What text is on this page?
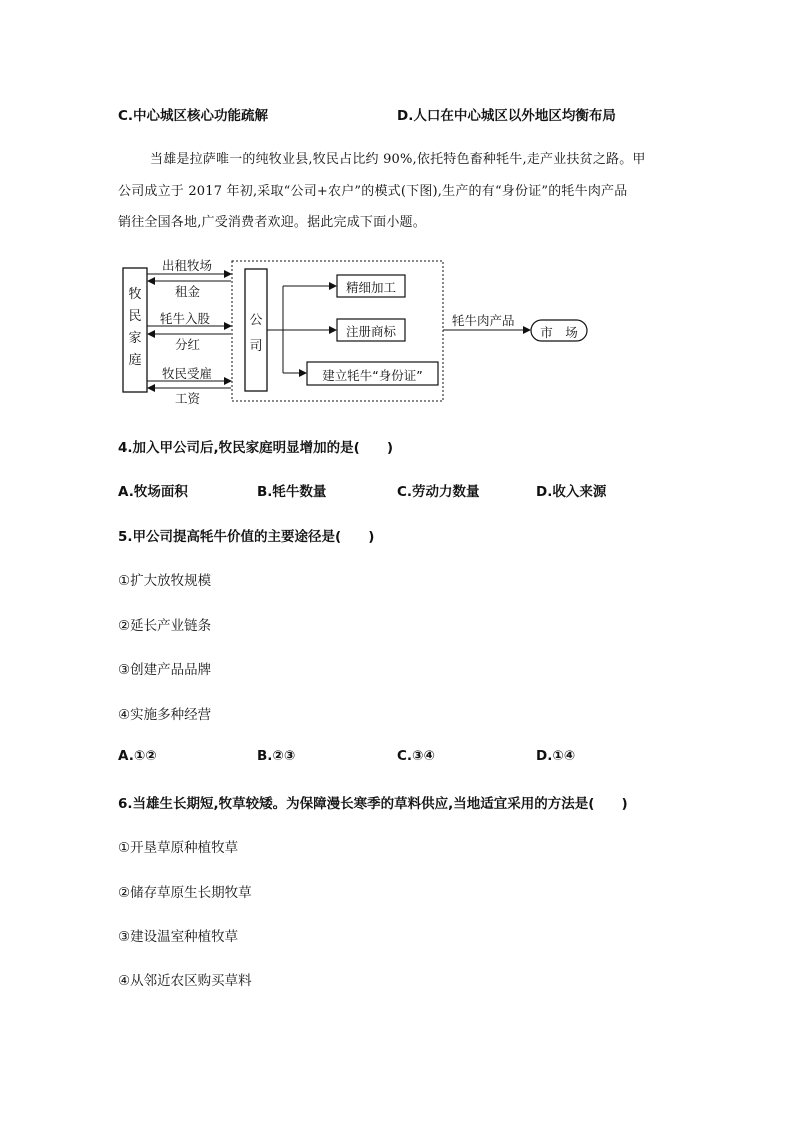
C.中心城区核心功能疏解	D.人口在中心城区以外地区均衡布局
当雄是拉萨唯一的纯牧业县,牧民占比约 90%,依托特色畜种牦牛,走产业扶贫之路。甲
公司成立于 2017 年初,采取“公司+农户”的模式(下图),生产的有“身份证”的牦牛肉产品
销往全国各地,广受消费者欢迎。据此完成下面小题。
牧
民
家
庭
公
司
出租牧场
租金
牦牛入股
分红
牧民受雇
工资
精细加工
注册商标
建立牦牛“身份证”
牦牛肉产品
市　场
4.加入甲公司后,牧民家庭明显增加的是(　　)
A.牧场面积	B.牦牛数量	C.劳动力数量	D.收入来源
5.甲公司提高牦牛价值的主要途径是(　　)
①扩大放牧规模
②延长产业链条
③创建产品品牌
④实施多种经营
A.①②	B.②③	C.③④	D.①④
6.当雄生长期短,牧草较矮。为保障漫长寒季的草料供应,当地适宜采用的方法是(　　)
①开垦草原种植牧草
②储存草原生长期牧草
③建设温室种植牧草
④从邻近农区购买草料
